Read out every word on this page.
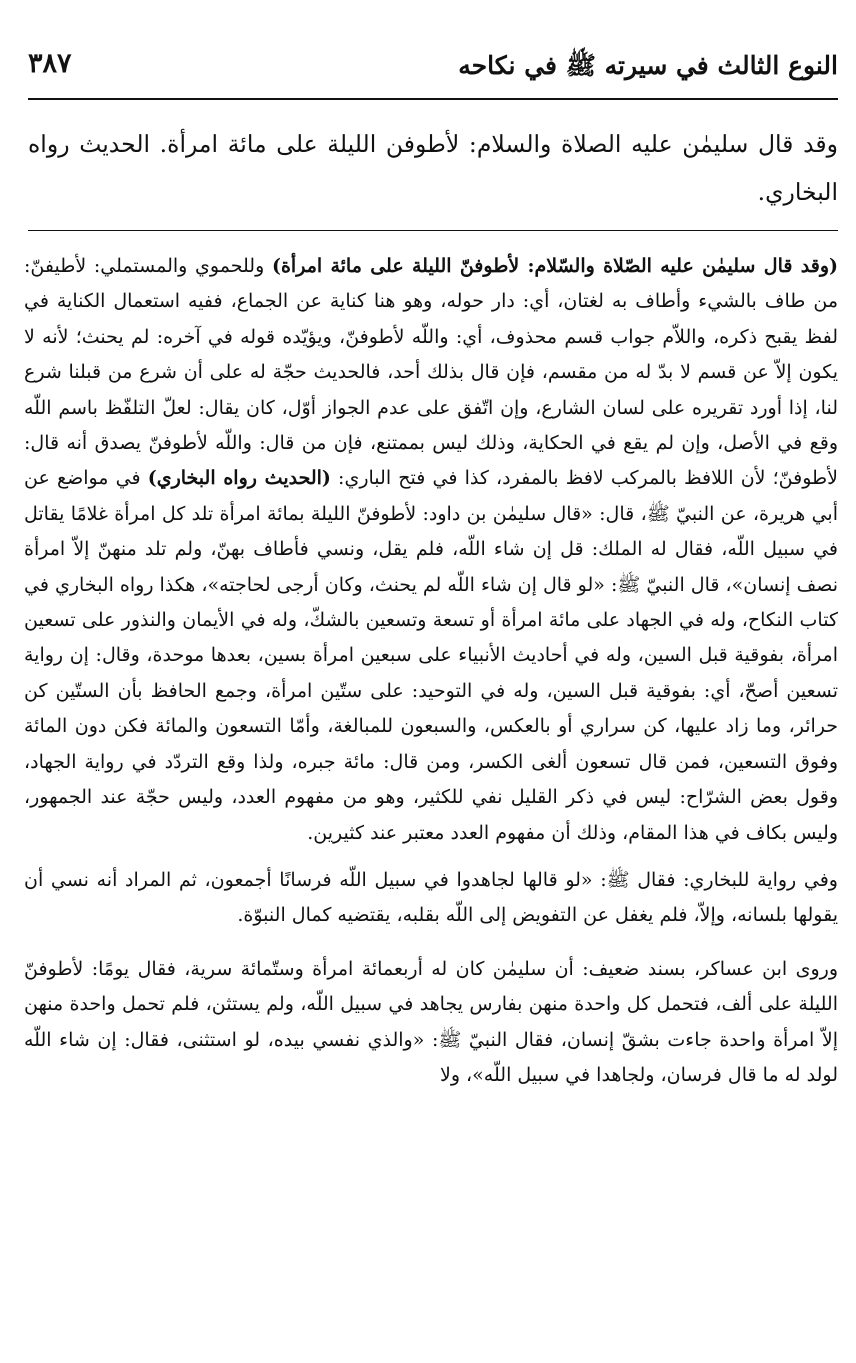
النوع الثالث في سيرته ﷺ في نكاحه
٣٨٧

وقد قال سليمٰن عليه الصلاة والسلام: لأطوفن الليلة على مائة امرأة. الحديث رواه البخاري.

(وقد قال سليمٰن عليه الصّلاة والسّلام: لأطوفنّ الليلة على مائة امرأة) وللحموي والمستملي: لأطيفنّ: من طاف بالشيء وأطاف به لغتان، أي: دار حوله، وهو هنا كناية عن الجماع، ففيه استعمال الكناية في لفظ يقبح ذكره، واللاّم جواب قسم محذوف، أي: واللّه لأطوفنّ، ويؤيّده قوله في آخره: لم يحنث؛ لأنه لا يكون إلاّ عن قسم لا بدّ له من مقسم، فإن قال بذلك أحد، فالحديث حجّة له على أن شرع من قبلنا شرع لنا، إذا أورد تقريره على لسان الشارع، وإن اتّفق على عدم الجواز أوّل، كان يقال: لعلّ التلفّظ باسم اللّه وقع في الأصل، وإن لم يقع في الحكاية، وذلك ليس بممتنع، فإن من قال: واللّه لأطوفنّ يصدق أنه قال: لأطوفنّ؛ لأن اللافظ بالمركب لافظ بالمفرد، كذا في فتح الباري: (الحديث رواه البخاري) في مواضع عن أبي هريرة، عن النبيّ ﷺ، قال: «قال سليمٰن بن داود: لأطوفنّ الليلة بمائة امرأة تلد كل امرأة غلامًا يقاتل في سبيل اللّه، فقال له الملك: قل إن شاء اللّه، فلم يقل، ونسي فأطاف بهنّ، ولم تلد منهنّ إلاّ امرأة نصف إنسان»، قال النبيّ ﷺ: «لو قال إن شاء اللّه لم يحنث، وكان أرجى لحاجته»، هكذا رواه البخاري في كتاب النكاح، وله في الجهاد على مائة امرأة أو تسعة وتسعين بالشكّ، وله في الأيمان والنذور على تسعين امرأة، بفوقية قبل السين، وله في أحاديث الأنبياء على سبعين امرأة بسين، بعدها موحدة، وقال: إن رواية تسعين أصحّ، أي: بفوقية قبل السين، وله في التوحيد: على ستّين امرأة، وجمع الحافظ بأن الستّين كن حرائر، وما زاد عليها، كن سراري أو بالعكس، والسبعون للمبالغة، وأمّا التسعون والمائة فكن دون المائة وفوق التسعين، فمن قال تسعون ألغى الكسر، ومن قال: مائة جبره، ولذا وقع التردّد في رواية الجهاد، وقول بعض الشرّاح: ليس في ذكر القليل نفي للكثير، وهو من مفهوم العدد، وليس حجّة عند الجمهور، وليس بكاف في هذا المقام، وذلك أن مفهوم العدد معتبر عند كثيرين.

وفي رواية للبخاري: فقال ﷺ: «لو قالها لجاهدوا في سبيل اللّه فرسانًا أجمعون، ثم المراد أنه نسي أن يقولها بلسانه، وإلاّ، فلم يغفل عن التفويض إلى اللّه بقلبه، يقتضيه كمال النبوّة.

وروى ابن عساكر، بسند ضعيف: أن سليمٰن كان له أربعمائة امرأة وستّمائة سرية، فقال يومًا: لأطوفنّ الليلة على ألف، فتحمل كل واحدة منهن بفارس يجاهد في سبيل اللّه، ولم يستثن، فلم تحمل واحدة منهن إلاّ امرأة واحدة جاءت بشقّ إنسان، فقال النبيّ ﷺ: «والذي نفسي بيده، لو استثنى، فقال: إن شاء اللّه لولد له ما قال فرسان، ولجاهدا في سبيل اللّه»، ولا
